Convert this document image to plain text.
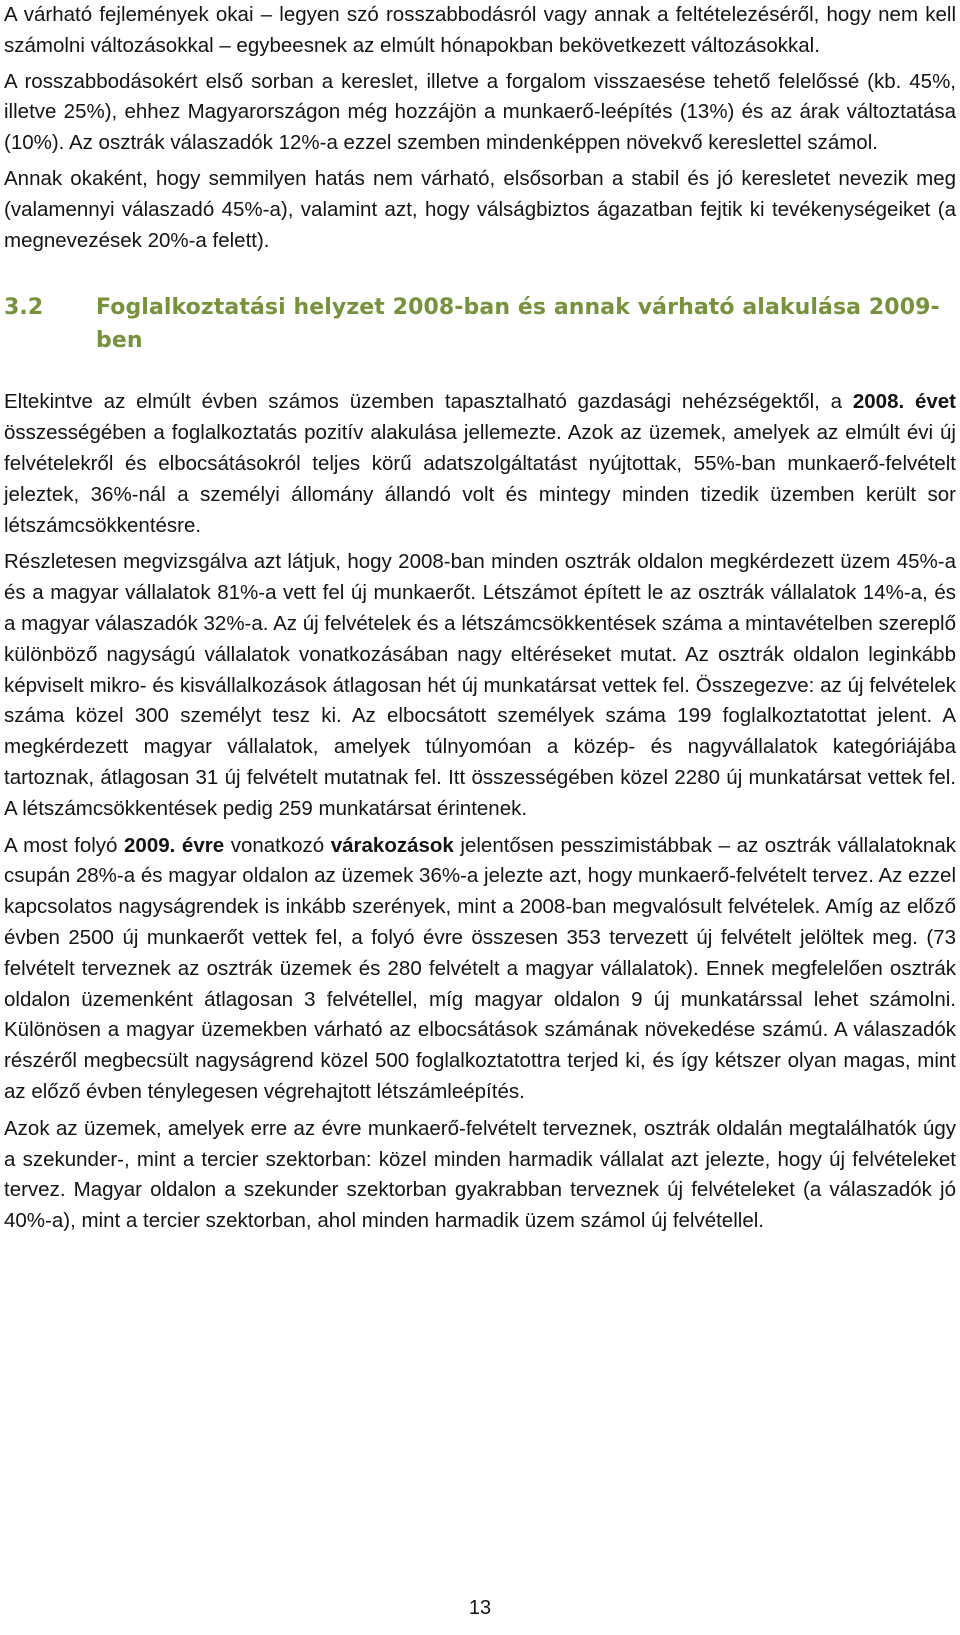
A várható fejlemények okai – legyen szó rosszabbodásról vagy annak a feltételezéséről, hogy nem kell számolni változásokkal – egybeesnek az elmúlt hónapokban bekövetkezett változásokkal.

A rosszabbodásokért első sorban a kereslet, illetve a forgalom visszaesése tehető felelőssé (kb. 45%, illetve 25%), ehhez Magyarországon még hozzájön a munkaerő-leépítés (13%) és az árak változtatása (10%). Az osztrák válaszadók 12%-a ezzel szemben mindenképpen növekvő kereslettel számol.

Annak okaként, hogy semmilyen hatás nem várható, elsősorban a stabil és jó keresletet nevezik meg (valamennyi válaszadó 45%-a), valamint azt, hogy válságbiztos ágazatban fejtik ki tevékenységeiket (a megnevezések 20%-a felett).

3.2	Foglalkoztatási helyzet 2008-ban és annak várható alakulása 2009-ben

Eltekintve az elmúlt évben számos üzemben tapasztalható gazdasági nehézségektől, a 2008. évet összességében a foglalkoztatás pozitív alakulása jellemezte. Azok az üzemek, amelyek az elmúlt évi új felvételekről és elbocsátásokról teljes körű adatszolgáltatást nyújtottak, 55%-ban munkaerő-felvételt jeleztek, 36%-nál a személyi állomány állandó volt és mintegy minden tizedik üzemben került sor létszámcsökkentésre.

Részletesen megvizsgálva azt látjuk, hogy 2008-ban minden osztrák oldalon megkérdezett üzem 45%-a és a magyar vállalatok 81%-a vett fel új munkaerőt. Létszámot épített le az osztrák vállalatok 14%-a, és a magyar válaszadók 32%-a. Az új felvételek és a létszámcsökkentések száma a mintavételben szereplő különböző nagyságú vállalatok vonatkozásában nagy eltéréseket mutat. Az osztrák oldalon leginkább képviselt mikro- és kisvállalkozások átlagosan hét új munkatársat vettek fel. Összegezve: az új felvételek száma közel 300 személyt tesz ki. Az elbocsátott személyek száma 199 foglalkoztatottat jelent. A megkérdezett magyar vállalatok, amelyek túlnyomóan a közép- és nagyvállalatok kategóriájába tartoznak, átlagosan 31 új felvételt mutatnak fel. Itt összességében közel 2280 új munkatársat vettek fel. A létszámcsökkentések pedig 259 munkatársat érintenek.

A most folyó 2009. évre vonatkozó várakozások jelentősen pesszimistábbak – az osztrák vállalatoknak csupán 28%-a és magyar oldalon az üzemek 36%-a jelezte azt, hogy munkaerő-felvételt tervez. Az ezzel kapcsolatos nagyságrendek is inkább szerények, mint a 2008-ban megvalósult felvételek. Amíg az előző évben 2500 új munkaerőt vettek fel, a folyó évre összesen 353 tervezett új felvételt jelöltek meg. (73 felvételt terveznek az osztrák üzemek és 280 felvételt a magyar vállalatok). Ennek megfelelően osztrák oldalon üzemenként átlagosan 3 felvétellel, míg magyar oldalon 9 új munkatárssal lehet számolni. Különösen a magyar üzemekben várható az elbocsátások számának növekedése számú. A válaszadók részéről megbecsült nagyságrend közel 500 foglalkoztatottra terjed ki, és így kétszer olyan magas, mint az előző évben ténylegesen végrehajtott létszámleépítés.

Azok az üzemek, amelyek erre az évre munkaerő-felvételt terveznek, osztrák oldalán megtalálhatók úgy a szekunder-, mint a tercier szektorban: közel minden harmadik vállalat azt jelezte, hogy új felvételeket tervez. Magyar oldalon a szekunder szektorban gyakrabban terveznek új felvételeket (a válaszadók jó 40%-a), mint a tercier szektorban, ahol minden harmadik üzem számol új felvétellel.

13
